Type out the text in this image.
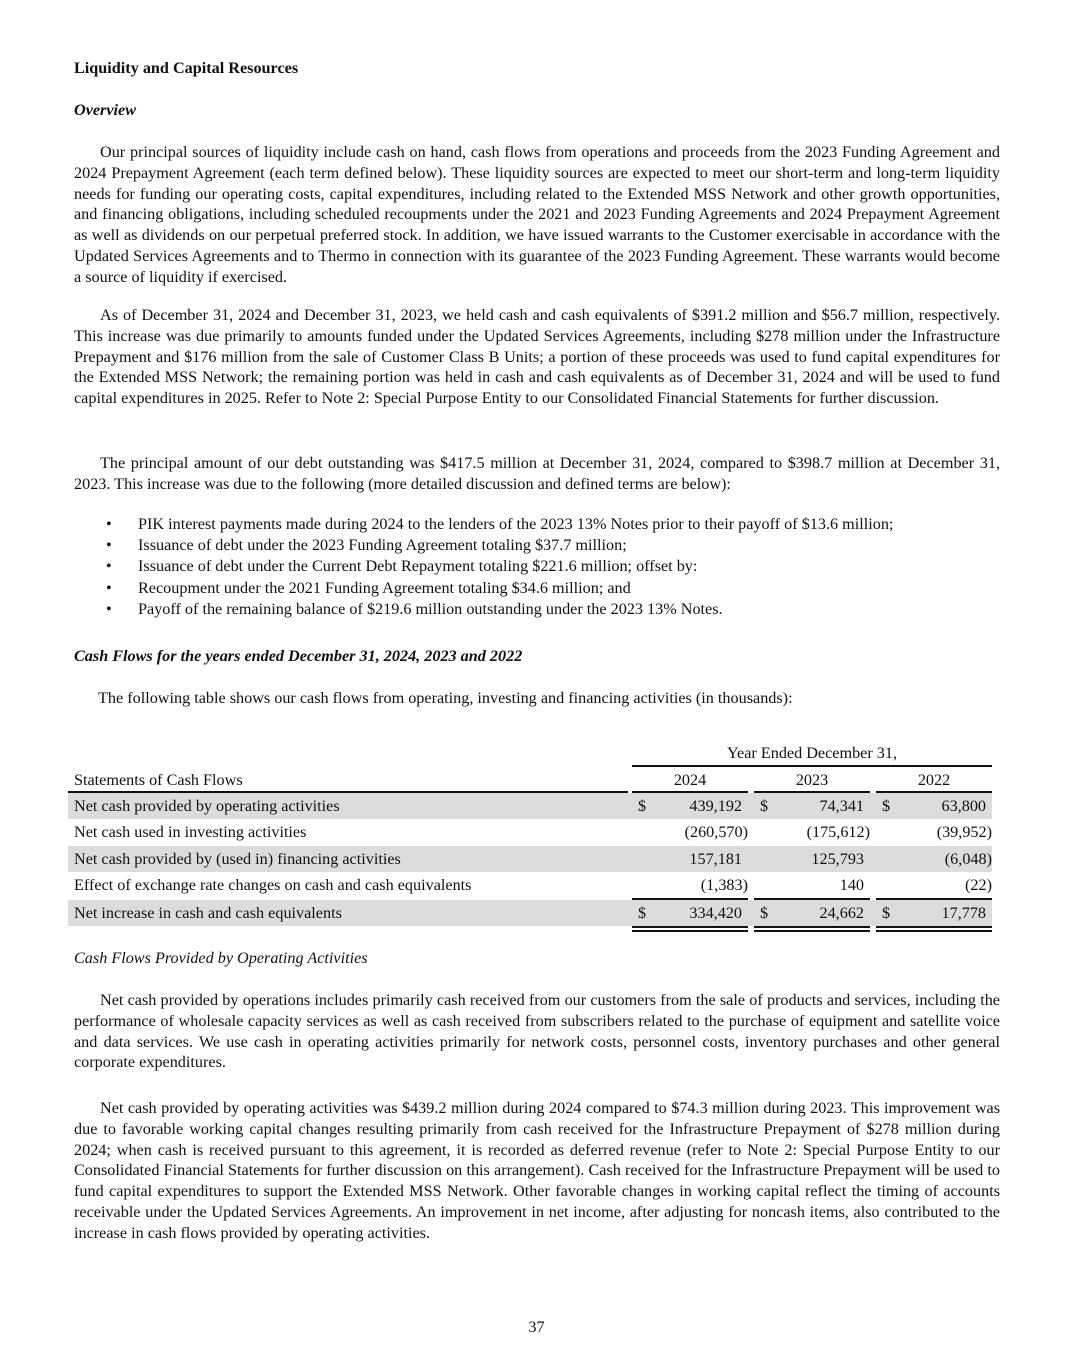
Liquidity and Capital Resources
Overview

Our principal sources of liquidity include cash on hand, cash flows from operations and proceeds from the 2023 Funding Agreement and 2024 Prepayment Agreement (each term defined below). These liquidity sources are expected to meet our short-term and long-term liquidity needs for funding our operating costs, capital expenditures, including related to the Extended MSS Network and other growth opportunities, and financing obligations, including scheduled recoupments under the 2021 and 2023 Funding Agreements and 2024 Prepayment Agreement as well as dividends on our perpetual preferred stock. In addition, we have issued warrants to the Customer exercisable in accordance with the Updated Services Agreements and to Thermo in connection with its guarantee of the 2023 Funding Agreement. These warrants would become a source of liquidity if exercised.

As of December 31, 2024 and December 31, 2023, we held cash and cash equivalents of $391.2 million and $56.7 million, respectively. This increase was due primarily to amounts funded under the Updated Services Agreements, including $278 million under the Infrastructure Prepayment and $176 million from the sale of Customer Class B Units; a portion of these proceeds was used to fund capital expenditures for the Extended MSS Network; the remaining portion was held in cash and cash equivalents as of December 31, 2024 and will be used to fund capital expenditures in 2025. Refer to Note 2: Special Purpose Entity to our Consolidated Financial Statements for further discussion.

The principal amount of our debt outstanding was $417.5 million at December 31, 2024, compared to $398.7 million at December 31, 2023. This increase was due to the following (more detailed discussion and defined terms are below):

• PIK interest payments made during 2024 to the lenders of the 2023 13% Notes prior to their payoff of $13.6 million;
• Issuance of debt under the 2023 Funding Agreement totaling $37.7 million;
• Issuance of debt under the Current Debt Repayment totaling $221.6 million; offset by:
• Recoupment under the 2021 Funding Agreement totaling $34.6 million; and
• Payoff of the remaining balance of $219.6 million outstanding under the 2023 13% Notes.
Cash Flows for the years ended December 31, 2024, 2023 and 2022

The following table shows our cash flows from operating, investing and financing activities (in thousands):

Cash Flows Provided by Operating Activities

Net cash provided by operations includes primarily cash received from our customers from the sale of products and services, including the performance of wholesale capacity services as well as cash received from subscribers related to the purchase of equipment and satellite voice and data services. We use cash in operating activities primarily for network costs, personnel costs, inventory purchases and other general corporate expenditures.

Net cash provided by operating activities was $439.2 million during 2024 compared to $74.3 million during 2023. This improvement was due to favorable working capital changes resulting primarily from cash received for the Infrastructure Prepayment of $278 million during 2024; when cash is received pursuant to this agreement, it is recorded as deferred revenue (refer to Note 2: Special Purpose Entity to our Consolidated Financial Statements for further discussion on this arrangement). Cash received for the Infrastructure Prepayment will be used to fund capital expenditures to support the Extended MSS Network. Other favorable changes in working capital reflect the timing of accounts receivable under the Updated Services Agreements. An improvement in net income, after adjusting for noncash items, also contributed to the increase in cash flows provided by operating activities.

Year Ended December 31,
Statements of Cash Flows	2024	2023	2022
Net cash provided by operating activities	$	439,192 $	74,341 $	63,800
Net cash used in investing activities	(260,570)	(175,612)	(39,952)
Net cash provided by (used in) financing activities	157,181	125,793	(6,048)
Effect of exchange rate changes on cash and cash equivalents	(1,383)	140	(22)
Net increase in cash and cash equivalents	$	334,420 $	24,662 $	17,778
37
